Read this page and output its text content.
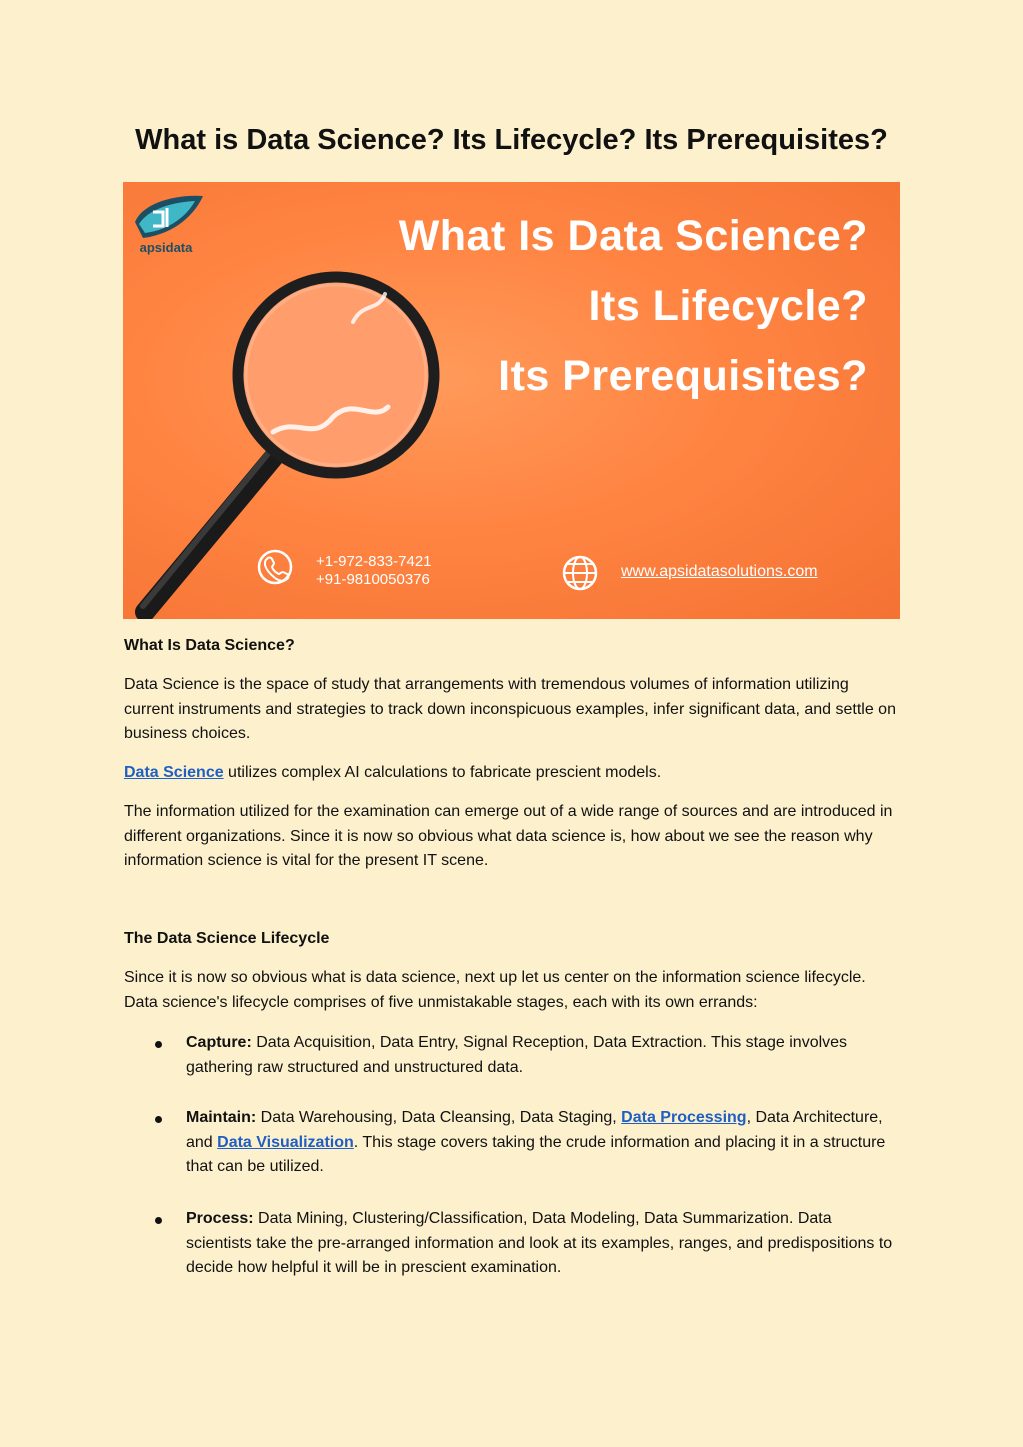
What is Data Science? Its Lifecycle? Its Prerequisites?
apsidata	What Is Data Science?
Its Lifecycle?
Its Prerequisites?
+1-972-833-7421
+91-9810050376	www.apsidatasolutions.com

What Is Data Science?

Data Science is the space of study that arrangements with tremendous volumes of information utilizing current instruments and strategies to track down inconspicuous examples, infer significant data, and settle on business choices.

Data Science utilizes complex AI calculations to fabricate prescient models.

The information utilized for the examination can emerge out of a wide range of sources and are introduced in different organizations. Since it is now so obvious what data science is, how about we see the reason why information science is vital for the present IT scene.

The Data Science Lifecycle

Since it is now so obvious what is data science, next up let us center on the information science lifecycle. Data science's lifecycle comprises of five unmistakable stages, each with its own errands:

Capture: Data Acquisition, Data Entry, Signal Reception, Data Extraction. This stage involves gathering raw structured and unstructured data.
Maintain: Data Warehousing, Data Cleansing, Data Staging, Data Processing, Data Architecture, and Data Visualization. This stage covers taking the crude information and placing it in a structure that can be utilized.
Process: Data Mining, Clustering/Classification, Data Modeling, Data Summarization. Data scientists take the pre-arranged information and look at its examples, ranges, and predispositions to decide how helpful it will be in prescient examination.
